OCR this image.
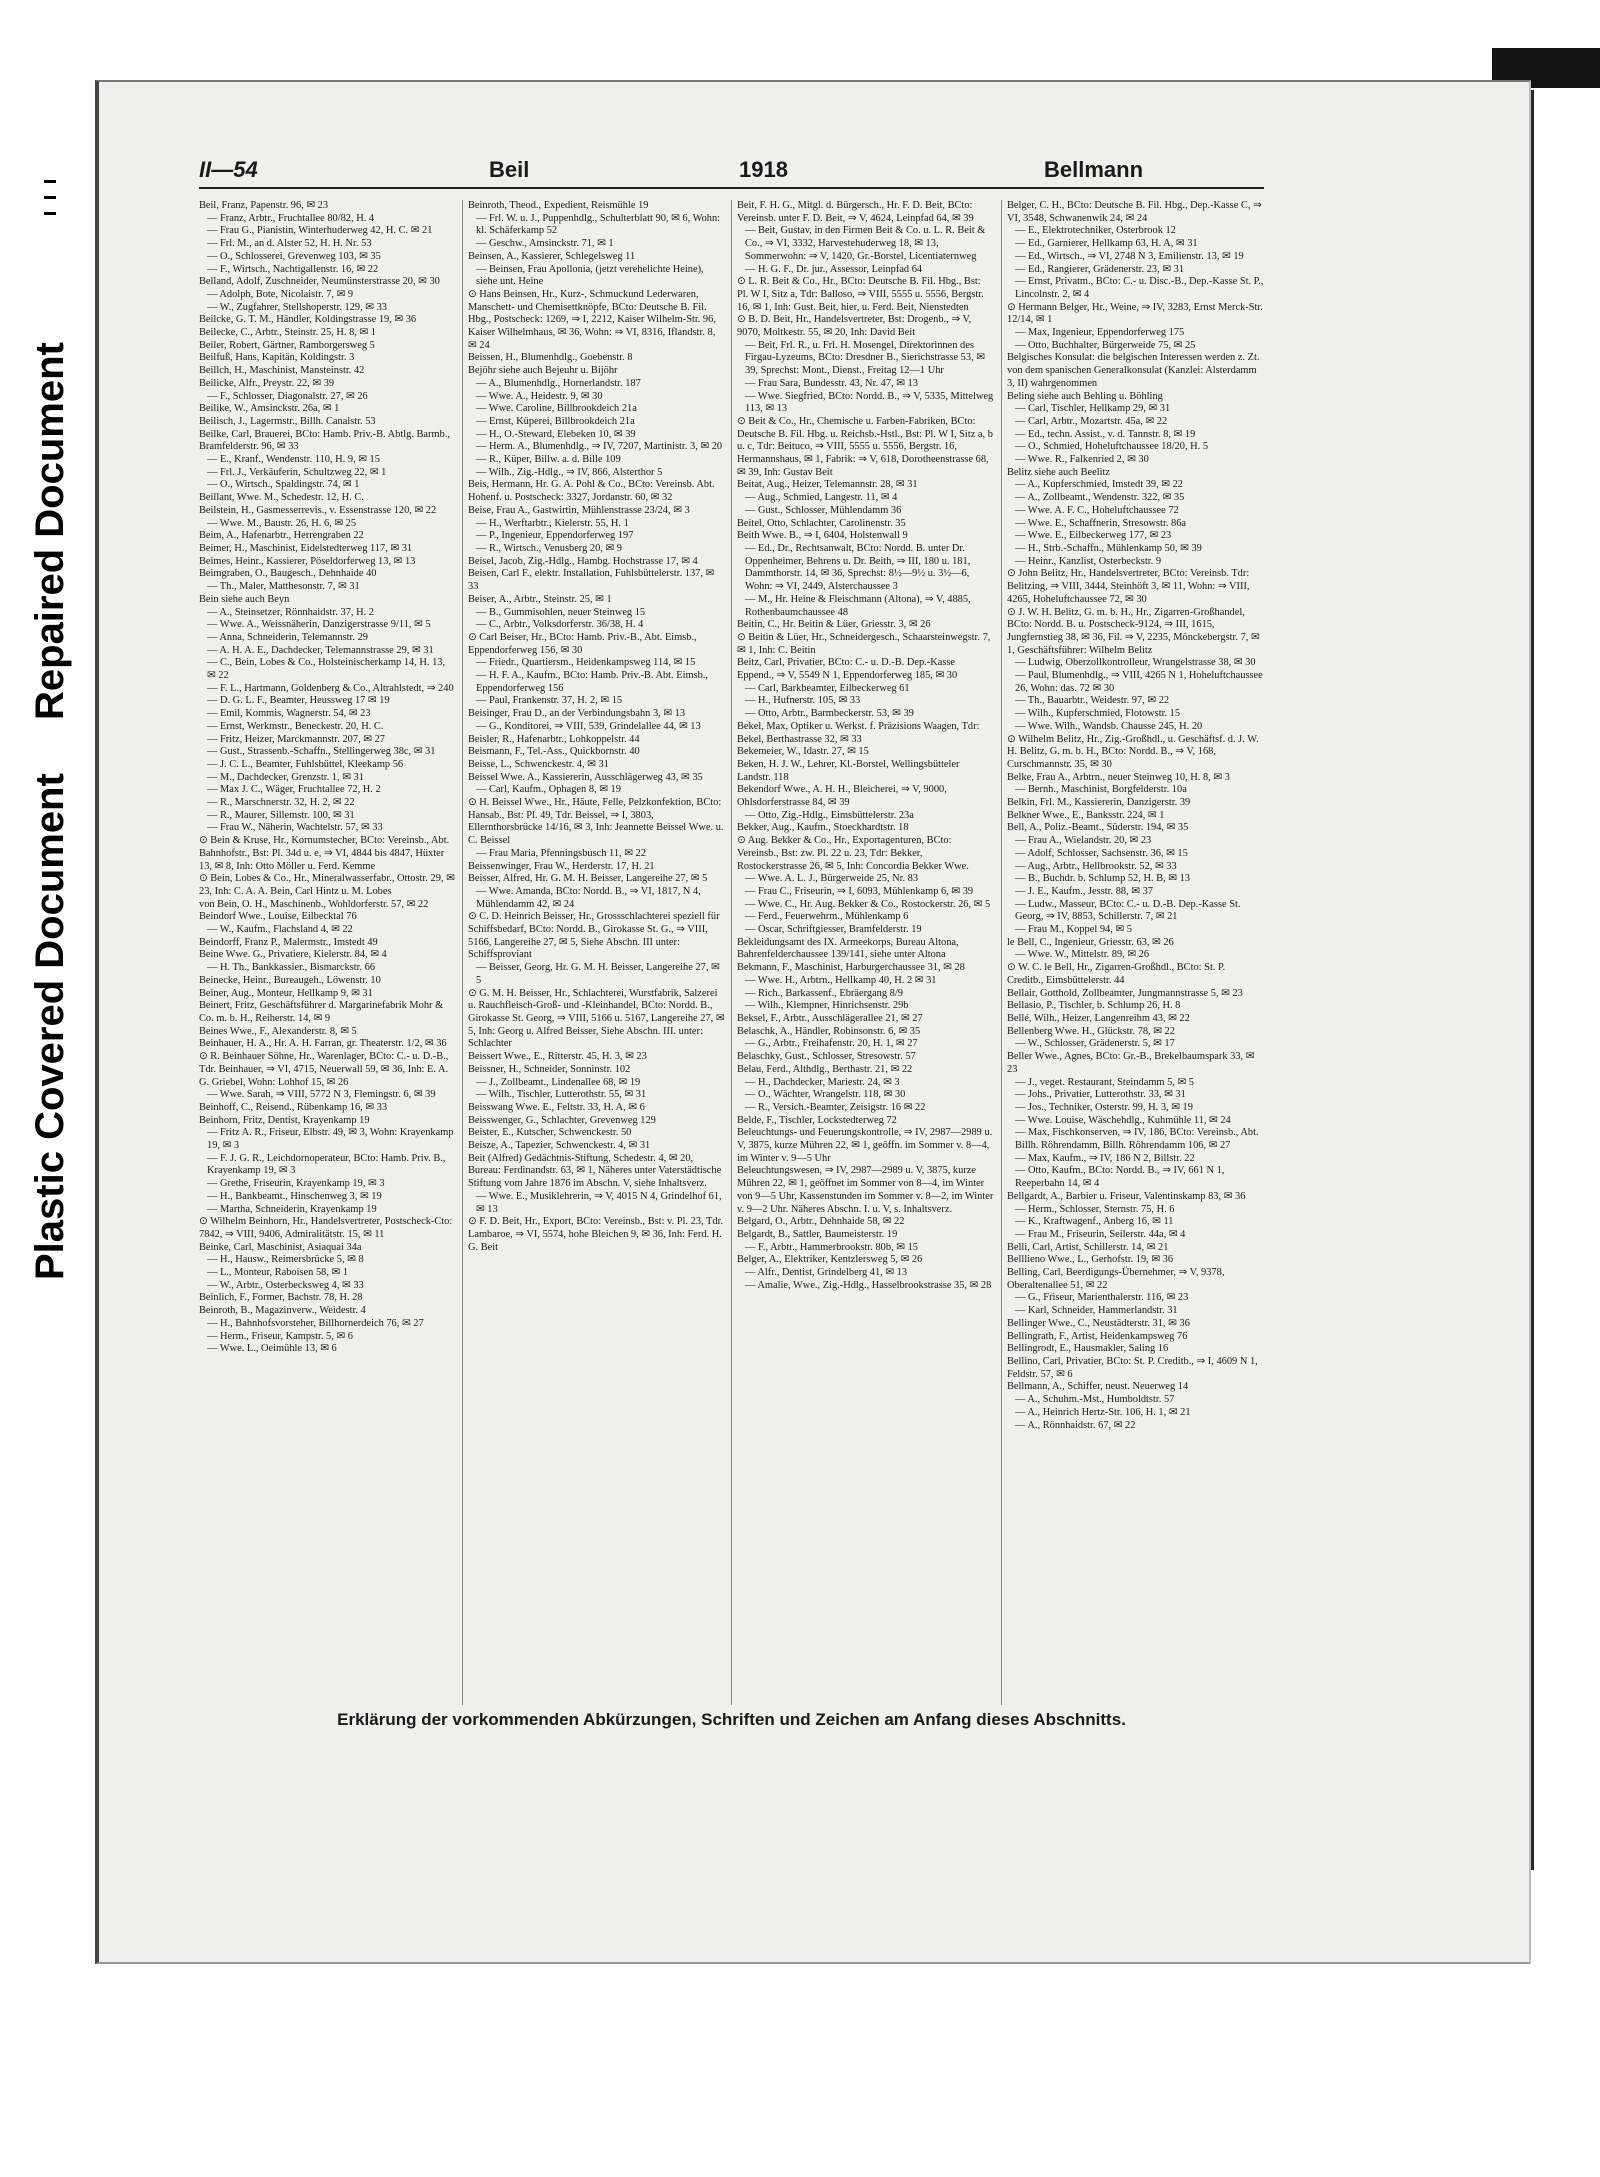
Repaired Document
Plastic Covered Document
II—54	Beil	1918	Bellmann
Beil, Franz, Papenstr. 96, ✉ 23
— Franz, Arbtr., Fruchtallee 80/82, H. 4
— Frau G., Pianistin, Winterhuderweg 42, H. C. ✉ 21
— Frl. M., an d. Alster 52, H. H. Nr. 53
— O., Schlosserei, Grevenweg 103, ✉ 35
— F., Wirtsch., Nachtigallenstr. 16, ✉ 22
Belland, Adolf, Zuschneider, Neumünsterstrasse 20, ✉ 30
— Adolph, Bote, Nicolaistr. 7, ✉ 9
— W., Zugfahrer, Stellshoperstr. 129, ✉ 33
Beilcke, G. T. M., Händler, Koldingstrasse 19, ✉ 36
Beilecke, C., Arbtr., Steinstr. 25, H. 8, ✉ 1
Beiler, Robert, Gärtner, Ramborgersweg 5
Beilfuß, Hans, Kapitän, Koldingstr. 3
Beillch, H., Maschinist, Mansteinstr. 42
Beilicke, Alfr., Preystr. 22, ✉ 39
— F., Schlosser, Diagonalstr. 27, ✉ 26
Beilike, W., Amsinckstr. 26a, ✉ 1
Beilisch, J., Lagermstr., Billh. Canalstr. 53
Beilke, Carl, Brauerei, BCto: Hamb. Priv.-B. Abtlg. Barmb., Bramfelderstr. 96, ✉ 33
— E., Kranf., Wendenstr. 110, H. 9, ✉ 15
— Frl. J., Verkäuferin, Schultzweg 22, ✉ 1
— O., Wirtsch., Spaldingstr. 74, ✉ 1
Beillant, Wwe. M., Schedestr. 12, H. C.
Beilstein, H., Gasmesserrevis., v. Essenstrasse 120, ✉ 22
— Wwe. M., Baustr. 26, H. 6, ✉ 25
Beim, A., Hafenarbtr., Herrengraben 22
Beimer, H., Maschinist, Eidelstedterweg 117, ✉ 31
Beimes, Heinr., Kassierer, Pöseldorferweg 13, ✉ 13
Beimgraben, O., Baugesch., Dehnhaide 40
— Th., Maler, Matthesonstr. 7, ✉ 31
Bein siehe auch Beyn
— A., Steinsetzer, Rönnhaidstr. 37, H. 2
— Wwe. A., Weissnäherin, Danzigerstrasse 9/11, ✉ 5
— Anna, Schneiderin, Telemannstr. 29
— A. H. A. E., Dachdecker, Telemannstrasse 29, ✉ 31
— C., Bein, Lobes & Co., Holsteinischerkamp 14, H. 13, ✉ 22
— F. L., Hartmann, Goldenberg & Co., Altrahlstedt, ⇒ 240
— D. G. L. F., Beamter, Heussweg 17 ✉ 19
— Emil, Kommis, Wagnerstr. 54, ✉ 23
— Ernst, Werkmstr., Beneckestr. 20, H. C.
— Fritz, Heizer, Marckmannstr. 207, ✉ 27
— Gust., Strassenb.-Schaffn., Stellingerweg 38c, ✉ 31
— J. C. L., Beamter, Fuhlsbüttel, Kleekamp 56
— M., Dachdecker, Grenzstr. 1, ✉ 31
— Max J. C., Wäger, Fruchtallee 72, H. 2
— R., Marschnerstr. 32, H. 2, ✉ 22
— R., Maurer, Sillemstr. 100, ✉ 31
— Frau W., Näherin, Wachtelstr. 57, ✉ 33
⊙ Bein & Kruse, Hr., Kornumstecher, BCto: Vereinsb., Abt. Bahnhofstr., Bst: Pl. 34d u. e, ⇒ VI, 4844 bis 4847, Hüxter 13, ✉ 8, Inh: Otto Möller u. Ferd. Kemme
⊙ Bein, Lobes & Co., Hr., Mineralwasserfabr., Ottostr. 29, ✉ 23, Inh: C. A. A. Bein, Carl Hintz u. M. Lobes
von Bein, O. H., Maschinenb., Wohldorferstr. 57, ✉ 22
Beindorf Wwe., Louise, Eilbecktal 76
— W., Kaufm., Flachsland 4, ✉ 22
Beindorff, Franz P., Malermstr., Imstedt 49
Beine Wwe. G., Privatiere, Kielerstr. 84, ✉ 4
— H. Th., Bankkassier., Bismarckstr. 66
Beinecke, Heinr., Bureaugeh., Löwenstr. 10
Beiner, Aug., Monteur, Hellkamp 9, ✉ 31
Beinert, Fritz, Geschäftsführer d. Margarinefabrik Mohr & Co. m. b. H., Reiherstr. 14, ✉ 9
Beines Wwe., F., Alexanderstr. 8, ✉ 5
Beinhauer, H. A., Hr. A. H. Farran, gr. Theaterstr. 1/2, ✉ 36
⊙ R. Beinhauer Söhne, Hr., Warenlager, BCto: C.- u. D.-B., Tdr. Beinhauer, ⇒ VI, 4715, Neuerwall 59, ✉ 36, Inh: E. A. G. Griebel, Wohn: Lohhof 15, ✉ 26
— Wwe. Sarah, ⇒ VIII, 5772 N 3, Flemingstr. 6, ✉ 39
Beinhoff, C., Reisend., Rübenkamp 16, ✉ 33
Beinhorn, Fritz, Dentist, Krayenkamp 19
— Fritz A. R., Friseur, Elbstr. 49, ✉ 3, Wohn: Krayenkamp 19, ✉ 3
— F. J. G. R., Leichdornoperateur, BCto: Hamb. Priv. B., Krayenkamp 19, ✉ 3
— Grethe, Friseurin, Krayenkamp 19, ✉ 3
— H., Bankbeamt., Hinschenweg 3, ✉ 19
— Martha, Schneiderin, Krayenkamp 19
⊙ Wilhelm Beinhorn, Hr., Handelsvertreter, Postscheck-Cto: 7842, ⇒ VIII, 9406, Admiralitätstr. 15, ✉ 11
Beinke, Carl, Maschinist, Asiaquai 34a
— H., Hausw., Reimersbrücke 5, ✉ 8
— L., Monteur, Raboisen 58, ✉ 1
— W., Arbtr., Osterbecksweg 4, ✉ 33
Beinlich, F., Former, Bachstr. 78, H. 28
Beinroth, B., Magazinverw., Weidestr. 4
— H., Bahnhofsvorsteher, Billhornerdeich 76, ✉ 27
— Herm., Friseur, Kampstr. 5, ✉ 6
— Wwe. L., Oeimühle 13, ✉ 6
Beinroth, Theod., Expedient, Reismühle 19
— Frl. W. u. J., Puppenhdlg., Schulterblatt 90, ✉ 6, Wohn: kl. Schäferkamp 52
— Geschw., Amsinckstr. 71, ✉ 1
Beinsen, A., Kassierer, Schlegelsweg 11
— Beinsen, Frau Apollonia, (jetzt verehelichte Heine), siehe unt. Heine
⊙ Hans Beinsen, Hr., Kurz-, Schmuckund Lederwaren, Manschett- und Chemisettknöpfe, BCto: Deutsche B. Fil. Hbg., Postscheck: 1269, ⇒ I, 2212, Kaiser Wilhelm-Str. 96, Kaiser Wilhelmhaus, ✉ 36, Wohn: ⇒ VI, 8316, Iflandstr. 8, ✉ 24
Beissen, H., Blumenhdlg., Goebenstr. 8
Bejöhr siehe auch Bejeuhr u. Bijöhr
— A., Blumenhdlg., Hornerlandstr. 187
— Wwe. A., Heidestr. 9, ✉ 30
— Wwe. Caroline, Billbrookdeich 21a
— Ernst, Küperei, Billbrookdeich 21a
— H., O.-Steward, Elebeken 10, ✉ 39
— Herm. A., Blumenhdlg., ⇒ IV, 7207, Martinistr. 3, ✉ 20
— R., Küper, Billw. a. d. Bille 109
— Wilh., Zig.-Hdlg., ⇒ IV, 866, Alsterthor 5
Beis, Hermann, Hr. G. A. Pohl & Co., BCto: Vereinsb. Abt. Hohenf. u. Postscheck: 3327, Jordanstr. 60, ✉ 32
Beise, Frau A., Gastwirtin, Mühlenstrasse 23/24, ✉ 3
— H., Werftarbtr., Kielerstr. 55, H. 1
— P., Ingenieur, Eppendorferweg 197
— R., Wirtsch., Venusberg 20, ✉ 9
Beisel, Jacob, Zig.-Hdlg., Hambg. Hochstrasse 17, ✉ 4
Beisen, Carl F., elektr. Installation, Fuhlsbüttelerstr. 137, ✉ 33
Beiser, A., Arbtr., Steinstr. 25, ✉ 1
— B., Gummisohlen, neuer Steinweg 15
— C., Arbtr., Volksdorferstr. 36/38, H. 4
⊙ Carl Beiser, Hr., BCto: Hamb. Priv.-B., Abt. Eimsb., Eppendorferweg 156, ✉ 30
— Friedr., Quartiersm., Heidenkampsweg 114, ✉ 15
— H. F. A., Kaufm., BCto: Hamb. Priv.-B. Abt. Eimsb., Eppendorferweg 156
— Paul, Frankenstr. 37, H. 2, ✉ 15
Beisinger, Frau D., an der Verbindungsbahn 3, ✉ 13
— G., Konditorei, ⇒ VIII, 539, Grindelallee 44, ✉ 13
Beisler, R., Hafenarbtr., Lohkoppelstr. 44
Beismann, F., Tel.-Ass., Quickbornstr. 40
Beisse, L., Schwenckestr. 4, ✉ 31
Beissel Wwe. A., Kassiererin, Ausschlägerweg 43, ✉ 35
— Carl, Kaufm., Ophagen 8, ✉ 19
⊙ H. Beissel Wwe., Hr., Häute, Felle, Pelzkonfektion, BCto: Hansab., Bst: Pl. 49, Tdr. Beissel, ⇒ I, 3803, Ellernthorsbrücke 14/16, ✉ 3, Inh: Jeannette Beissel Wwe. u. C. Beissel
— Frau Maria, Pfenningsbusch 11, ✉ 22
Beissenwinger, Frau W., Herderstr. 17, H. 21
Beisser, Alfred, Hr. G. M. H. Beisser, Langereihe 27, ✉ 5
— Wwe. Amanda, BCto: Nordd. B., ⇒ VI, 1817, N 4, Mühlendamm 42, ✉ 24
⊙ C. D. Heinrich Beisser, Hr., Grossschlachterei speziell für Schiffsbedarf, BCto: Nordd. B., Girokasse St. G., ⇒ VIII, 5166, Langereihe 27, ✉ 5, Siehe Abschn. III unter: Schiffsproviant
— Beisser, Georg, Hr. G. M. H. Beisser, Langereihe 27, ✉ 5
⊙ G. M. H. Beisser, Hr., Schlachterei, Wurstfabrik, Salzerei u. Rauchfleisch-Groß- und -Kleinhandel, BCto: Nordd. B., Girokasse St. Georg, ⇒ VIII, 5166 u. 5167, Langereihe 27, ✉ 5, Inh: Georg u. Alfred Beisser, Siehe Abschn. III. unter: Schlachter
Beissert Wwe., E., Ritterstr. 45, H. 3, ✉ 23
Beissner, H., Schneider, Sonninstr. 102
— J., Zollbeamt., Lindenallee 68, ✉ 19
— Wilh., Tischler, Lutterothstr. 55, ✉ 31
Beisswang Wwe. E., Feltstr. 33, H. A, ✉ 6
Beisswenger, G., Schlachter, Grevenweg 129
Beister, E., Kutscher, Schwenckestr. 50
Beisze, A., Tapezier, Schwenckestr. 4, ✉ 31
Beit (Alfred) Gedächtnis-Stiftung, Schedestr. 4, ✉ 20, Bureau: Ferdinandstr. 63, ✉ 1, Näheres unter Vaterstädtische Stiftung vom Jahre 1876 im Abschn. V, siehe Inhaltsverz.
— Wwe. E., Musiklehrerin, ⇒ V, 4015 N 4, Grindelhof 61, ✉ 13
⊙ F. D. Beit, Hr., Export, BCto: Vereinsb., Bst: v. Pl. 23, Tdr. Lambaroe, ⇒ VI, 5574, hohe Bleichen 9, ✉ 36, Inh: Ferd. H. G. Beit
Beit, F. H. G., Mitgl. d. Bürgersch., Hr. F. D. Beit, BCto: Vereinsb. unter F. D. Beit, ⇒ V, 4624, Leinpfad 64, ✉ 39
— Beit, Gustav, in den Firmen Beit & Co. u. L. R. Beit & Co., ⇒ VI, 3332, Harvestehuderweg 18, ✉ 13, Sommerwohn: ⇒ V, 1420, Gr.-Borstel, Licentiaternweg
— H. G. F., Dr. jur., Assessor, Leinpfad 64
⊙ L. R. Beit & Co., Hr., BCto: Deutsche B. Fil. Hbg., Bst: Pl. W I, Sitz a, Tdr: Balloso, ⇒ VIII, 5555 u. 5556, Bergstr. 16, ✉ 1, Inh: Gust. Beit, hier, u. Ferd. Beit, Nienstedten
⊙ B. D. Beit, Hr., Handelsvertreter, Bst: Drogenb., ⇒ V, 9070, Moltkestr. 55, ✉ 20, Inh: David Beit
— Beit, Frl. R., u. Frl. H. Mosengel, Direktorinnen des Firgau-Lyzeums, BCto: Dresdner B., Sierichstrasse 53, ✉ 39, Sprechst: Mont., Dienst., Freitag 12—1 Uhr
— Frau Sara, Bundesstr. 43, Nr. 47, ✉ 13
— Wwe. Siegfried, BCto: Nordd. B., ⇒ V, 5335, Mittelweg 113, ✉ 13
⊙ Beit & Co., Hr., Chemische u. Farben-Fabriken, BCto: Deutsche B. Fil. Hbg. u. Reichsb.-Hstl., Bst: Pl. W I, Sitz a, b u. c, Tdr: Beituco, ⇒ VIII, 5555 u. 5556, Bergstr. 16, Hermannshaus, ✉ 1, Fabrik: ⇒ V, 618, Dorotheenstrasse 68, ✉ 39, Inh: Gustav Beit
Beitat, Aug., Heizer, Telemannstr. 28, ✉ 31
— Aug., Schmied, Langestr. 11, ✉ 4
— Gust., Schlosser, Mühlendamm 36
Beitel, Otto, Schlachter, Carolinenstr. 35
Beith Wwe. B., ⇒ I, 6404, Holstenwall 9
— Ed., Dr., Rechtsanwalt, BCto: Nordd. B. unter Dr. Oppenheimer, Behrens u. Dr. Beith, ⇒ III, 180 u. 181, Dammthorstr. 14, ✉ 36, Sprechst: 8½—9½ u. 3½—6, Wohn: ⇒ VI, 2449, Alsterchaussee 3
— M., Hr. Heine & Fleischmann (Altona), ⇒ V, 4885, Rothenbaumchaussee 48
Beitin, C., Hr. Beitin & Lüer, Griesstr. 3, ✉ 26
⊙ Beitin & Lüer, Hr., Schneidergesch., Schaarsteinwegstr. 7, ✉ 1, Inh: C. Beitin
Beitz, Carl, Privatier, BCto: C.- u. D.-B. Dep.-Kasse Eppend., ⇒ V, 5549 N 1, Eppendorferweg 185, ✉ 30
— Carl, Barkbeamter, Eilbeckerweg 61
— H., Hufnerstr. 105, ✉ 33
— Otto, Arbtr., Barmbeckerstr. 53, ✉ 39
Bekel, Max, Optiker u. Werkst. f. Präzisions Waagen, Tdr: Bekel, Berthastrasse 32, ✉ 33
Bekemeier, W., Idastr. 27, ✉ 15
Beken, H. J. W., Lehrer, Kl.-Borstel, Wellingsbütteler Landstr. 118
Bekendorf Wwe., A. H. H., Bleicherei, ⇒ V, 9000, Ohlsdorferstrasse 84, ✉ 39
— Otto, Zig.-Hdlg., Eimsbüttelerstr. 23a
Bekker, Aug., Kaufm., Stoeckhardtstr. 18
⊙ Aug. Bekker & Co., Hr., Exportagenturen, BCto: Vereinsb., Bst: zw. Pl. 22 u. 23, Tdr: Bekker, Rostockerstrasse 26, ✉ 5, Inh: Concordia Bekker Wwe.
— Wwe. A. L. J., Bürgerweide 25, Nr. 83
— Frau C., Friseurin, ⇒ I, 6093, Mühlenkamp 6, ✉ 39
— Wwe. C., Hr. Aug. Bekker & Co., Rostockerstr. 26, ✉ 5
— Ferd., Feuerwehrm., Mühlenkamp 6
— Oscar, Schriftgiesser, Bramfelderstr. 19
Bekleidungsamt des IX. Armeekorps, Bureau Altona, Bahrenfelderchaussee 139/141, siehe unter Altona
Bekmann, F., Maschinist, Harburgerchaussee 31, ✉ 28
— Wwe. H., Arbtrn., Hellkamp 40, H. 2 ✉ 31
— Rich., Barkassenf., Ebräergang 8/9
— Wilh., Klempner, Hinrichsenstr. 29b
Beksel, F., Arbtr., Ausschlägerallee 21, ✉ 27
Belaschk, A., Händler, Robinsonstr. 6, ✉ 35
— G., Arbtr., Freihafenstr. 20, H. 1, ✉ 27
Belaschky, Gust., Schlosser, Stresowstr. 57
Belau, Ferd., Althdlg., Berthastr. 21, ✉ 22
— H., Dachdecker, Mariestr. 24, ✉ 3
— O., Wächter, Wrangelstr. 118, ✉ 30
— R., Versich.-Beamter, Zeisigstr. 16 ✉ 22
Belde, F., Tischler, Lockstedterweg 72
Beleuchtungs- und Feuerungskontrolle, ⇒ IV, 2987—2989 u. V, 3875, kurze Mühren 22, ✉ 1, geöffn. im Sommer v. 8—4, im Winter v. 9—5 Uhr
Beleuchtungswesen, ⇒ IV, 2987—2989 u. V, 3875, kurze Mühren 22, ✉ 1, geöffnet im Sommer von 8—4, im Winter von 9—5 Uhr, Kassenstunden im Sommer v. 8—2, im Winter v. 9—2 Uhr. Näheres Abschn. I. u. V, s. Inhaltsverz.
Belgard, O., Arbtr., Dehnhaide 58, ✉ 22
Belgardt, B., Sattler, Baumeisterstr. 19
— F., Arbtr., Hammerbrookstr. 80b, ✉ 15
Belger, A., Elektriker, Kentzlersweg 5, ✉ 26
— Alfr., Dentist, Grindelberg 41, ✉ 13
— Amalie, Wwe., Zig.-Hdlg., Hasselbrookstrasse 35, ✉ 28
Belger, C. H., BCto: Deutsche B. Fil. Hbg., Dep.-Kasse C, ⇒ VI, 3548, Schwanenwik 24, ✉ 24
— E., Elektrotechniker, Osterbrook 12
— Ed., Garnierer, Hellkamp 63, H. A, ✉ 31
— Ed., Wirtsch., ⇒ VI, 2748 N 3, Emilienstr. 13, ✉ 19
— Ed., Rangierer, Grädenerstr. 23, ✉ 31
— Ernst, Privatm., BCto: C.- u. Disc.-B., Dep.-Kasse St. P., Lincolnstr. 2, ✉ 4
⊙ Hermann Belger, Hr., Weine, ⇒ IV, 3283, Ernst Merck-Str. 12/14, ✉ 1
— Max, Ingenieur, Eppendorferweg 175
— Otto, Buchhalter, Bürgerweide 75, ✉ 25
Belgisches Konsulat: die belgischen Interessen werden z. Zt. von dem spanischen Generalkonsulat (Kanzlei: Alsterdamm 3, II) wahrgenommen
Beling siehe auch Behling u. Böhling
— Carl, Tischler, Hellkamp 29, ✉ 31
— Carl, Arbtr., Mozartstr. 45a, ✉ 22
— Ed., techn. Assist., v. d. Tannstr. 8, ✉ 19
— O., Schmied, Hoheluftchaussee 18/20, H. 5
— Wwe. R., Falkenried 2, ✉ 30
Belitz siehe auch Beelitz
— A., Kupferschmied, Imstedt 39, ✉ 22
— A., Zollbeamt., Wendenstr. 322, ✉ 35
— Wwe. A. F. C., Hoheluftchaussee 72
— Wwe. E., Schaffnerin, Stresowstr. 86a
— Wwe. E., Eilbeckerweg 177, ✉ 23
— H., Strb.-Schaffn., Mühlenkamp 50, ✉ 39
— Heinr., Kanzlist, Osterbeckstr. 9
⊙ John Belitz, Hr., Handelsvertreter, BCto: Vereinsb. Tdr: Belitzing, ⇒ VIII, 3444, Steinhöft 3, ✉ 11, Wohn: ⇒ VIII, 4265, Hoheluftchaussee 72, ✉ 30
⊙ J. W. H. Belitz, G. m. b. H., Hr., Zigarren-Großhandel, BCto: Nordd. B. u. Postscheck-9124, ⇒ III, 1615, Jungfernstieg 38, ✉ 36, Fil. ⇒ V, 2235, Mönckebergstr. 7, ✉ 1, Geschäftsführer: Wilhelm Belitz
— Ludwig, Oberzollkontrolleur, Wrangelstrasse 38, ✉ 30
— Paul, Blumenhdlg., ⇒ VIII, 4265 N 1, Hoheluftchaussee 26, Wohn: das. 72 ✉ 30
— Th., Bauarbtr., Weidestr. 97, ✉ 22
— Wilh., Kupferschmied, Flotowstr. 15
— Wwe. Wilh., Wandsb. Chausse 245, H. 20
⊙ Wilhelm Belitz, Hr., Zig.-Großhdl., u. Geschäftsf. d. J. W. H. Belitz, G. m. b. H., BCto: Nordd. B., ⇒ V, 168, Curschmannstr. 35, ✉ 30
Belke, Frau A., Arbtrn., neuer Steinweg 10, H. 8, ✉ 3
— Bernh., Maschinist, Borgfelderstr. 10a
Belkin, Frl. M., Kassiererin, Danzigerstr. 39
Belkner Wwe., E., Banksstr. 224, ✉ 1
Bell, A., Poliz.-Beamt., Süderstr. 194, ✉ 35
— Frau A., Wielandstr. 20, ✉ 23
— Adolf, Schlosser, Sachsenstr. 36, ✉ 15
— Aug., Arbtr., Hellbrookstr. 52, ✉ 33
— B., Buchdr. b. Schlump 52, H. B, ✉ 13
— J. E., Kaufm., Jesstr. 88, ✉ 37
— Ludw., Masseur, BCto: C.- u. D.-B. Dep.-Kasse St. Georg, ⇒ IV, 8853, Schillerstr. 7, ✉ 21
— Frau M., Koppel 94, ✉ 5
le Bell, C., Ingenieur, Griesstr. 63, ✉ 26
— Wwe. W., Mittelstr. 89, ✉ 26
⊙ W. C. le Bell, Hr., Zigarren-Großhdl., BCto: St. P. Creditb., Eimsbüttelerstr. 44
Bellair, Gotthold, Zollbeamter, Jungmannstrasse 5, ✉ 23
Bellasio, P., Tischler, b. Schlump 26, H. 8
Bellé, Wilh., Heizer, Langenreihm 43, ✉ 22
Bellenberg Wwe. H., Glückstr. 78, ✉ 22
— W., Schlosser, Grädenerstr. 5, ✉ 17
Beller Wwe., Agnes, BCto: Gr.-B., Brekelbaumspark 33, ✉ 23
— J., veget. Restaurant, Steindamm 5, ✉ 5
— Johs., Privatier, Lutterothstr. 33, ✉ 31
— Jos., Techniker, Osterstr. 99, H. 3, ✉ 19
— Wwe. Louise, Wäschehdlg., Kuhmühle 11, ✉ 24
— Max, Fischkonserven, ⇒ IV, 186, BCto: Vereinsb., Abt. Billh. Röhrendamm, Billh. Röhrendamm 106, ✉ 27
— Max, Kaufm., ⇒ IV, 186 N 2, Billstr. 22
— Otto, Kaufm., BCto: Nordd. B., ⇒ IV, 661 N 1, Reeperbahn 14, ✉ 4
Bellgardt, A., Barbier u. Friseur, Valentinskamp 83, ✉ 36
— Herm., Schlosser, Sternstr. 75, H. 6
— K., Kraftwagenf., Anberg 16, ✉ 11
— Frau M., Friseurin, Seilerstr. 44a, ✉ 4
Belli, Carl, Artist, Schillerstr. 14, ✉ 21
Belllieno Wwe., L., Gerhofstr. 19, ✉ 36
Belling, Carl, Beerdigungs-Übernehmer, ⇒ V, 9378, Oberaltenallee 51, ✉ 22
— G., Friseur, Marienthalerstr. 116, ✉ 23
— Karl, Schneider, Hammerlandstr. 31
Bellinger Wwe., C., Neustädterstr. 31, ✉ 36
Bellingrath, F., Artist, Heidenkampsweg 76
Bellingrodt, E., Hausmakler, Saling 16
Bellino, Carl, Privatier, BCto: St. P. Creditb., ⇒ I, 4609 N 1, Feldstr. 57, ✉ 6
Bellmann, A., Schiffer, neust. Neuerweg 14
— A., Schuhm.-Mst., Humboldtstr. 57
— A., Heinrich Hertz-Str. 106, H. 1, ✉ 21
— A., Rönnhaidstr. 67, ✉ 22
Erklärung der vorkommenden Abkürzungen, Schriften und Zeichen am Anfang dieses Abschnitts.
